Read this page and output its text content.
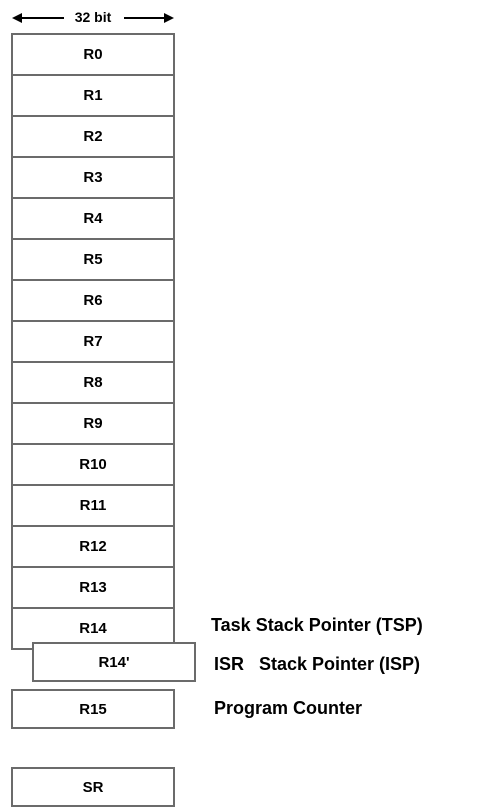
32 bit
R0
R1
R2
R3
R4
R5
R6
R7
R8
R9
R10
R11
R12
R13
R14
R14'
R15
SR
Task Stack Pointer (TSP)
ISR   Stack Pointer (ISP)
Program Counter
